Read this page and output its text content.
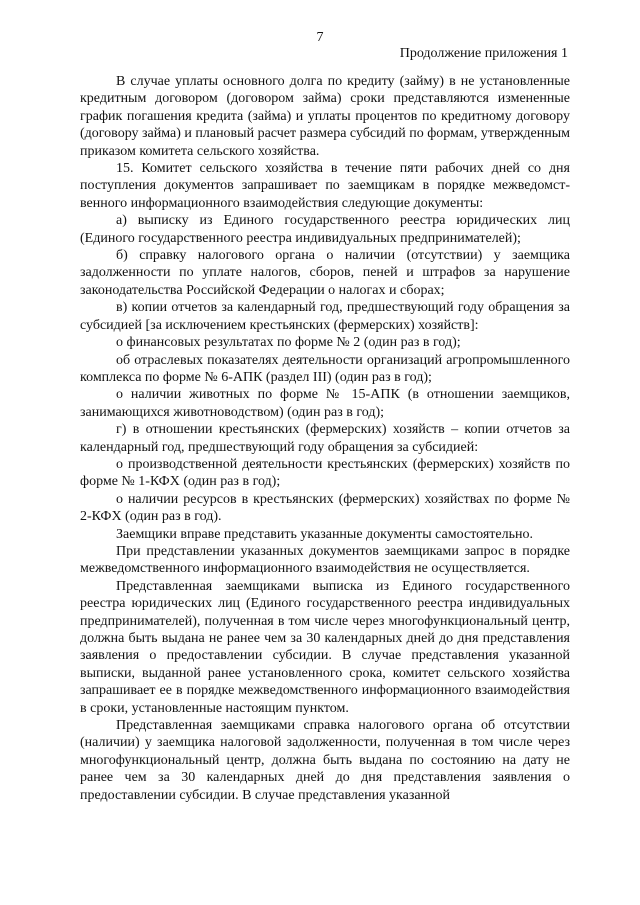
7
Продолжение приложения 1

В случае уплаты основного долга по кредиту (займу) в не установленные кредитным договором (договором займа) сроки представляются измененные график погашения кредита (займа) и уплаты процентов по кредитному договору (договору займа) и плановый расчет размера субсидий по формам, утвержденным приказом комитета сельского хозяйства.

15. Комитет сельского хозяйства в течение пяти рабочих дней со дня поступления документов запрашивает по заемщикам в порядке межведомственного информационного взаимодействия следующие документы:

а) выписку из Единого государственного реестра юридических лиц (Единого государственного реестра индивидуальных предпринимателей);

б) справку налогового органа о наличии (отсутствии) у заемщика задолженности по уплате налогов, сборов, пеней и штрафов за нарушение законодательства Российской Федерации о налогах и сборах;

в) копии отчетов за календарный год, предшествующий году обращения за субсидией [за исключением крестьянских (фермерских) хозяйств]:

о финансовых результатах по форме № 2 (один раз в год);

об отраслевых показателях деятельности организаций агропромышленного комплекса по форме № 6-АПК (раздел III) (один раз в год);

о наличии животных по форме № 15-АПК (в отношении заемщиков, занимающихся животноводством) (один раз в год);

г) в отношении крестьянских (фермерских) хозяйств – копии отчетов за календарный год, предшествующий году обращения за субсидией:

о производственной деятельности крестьянских (фермерских) хозяйств по форме № 1-КФХ (один раз в год);

о наличии ресурсов в крестьянских (фермерских) хозяйствах по форме № 2-КФХ (один раз в год).

Заемщики вправе представить указанные документы самостоятельно.

При представлении указанных документов заемщиками запрос в порядке межведомственного информационного взаимодействия не осуществляется.

Представленная заемщиками выписка из Единого государственного реестра юридических лиц (Единого государственного реестра индивидуальных предпринимателей), полученная в том числе через многофункциональный центр, должна быть выдана не ранее чем за 30 календарных дней до дня представления заявления о предоставлении субсидии. В случае представления указанной выписки, выданной ранее установленного срока, комитет сельского хозяйства запрашивает ее в порядке межведомственного информационного взаимодействия в сроки, установленные настоящим пунктом.

Представленная заемщиками справка налогового органа об отсутствии (наличии) у заемщика налоговой задолженности, полученная в том числе через многофункциональный центр, должна быть выдана по состоянию на дату не ранее чем за 30 календарных дней до дня представления заявления о предоставлении субсидии. В случае представления указанной
